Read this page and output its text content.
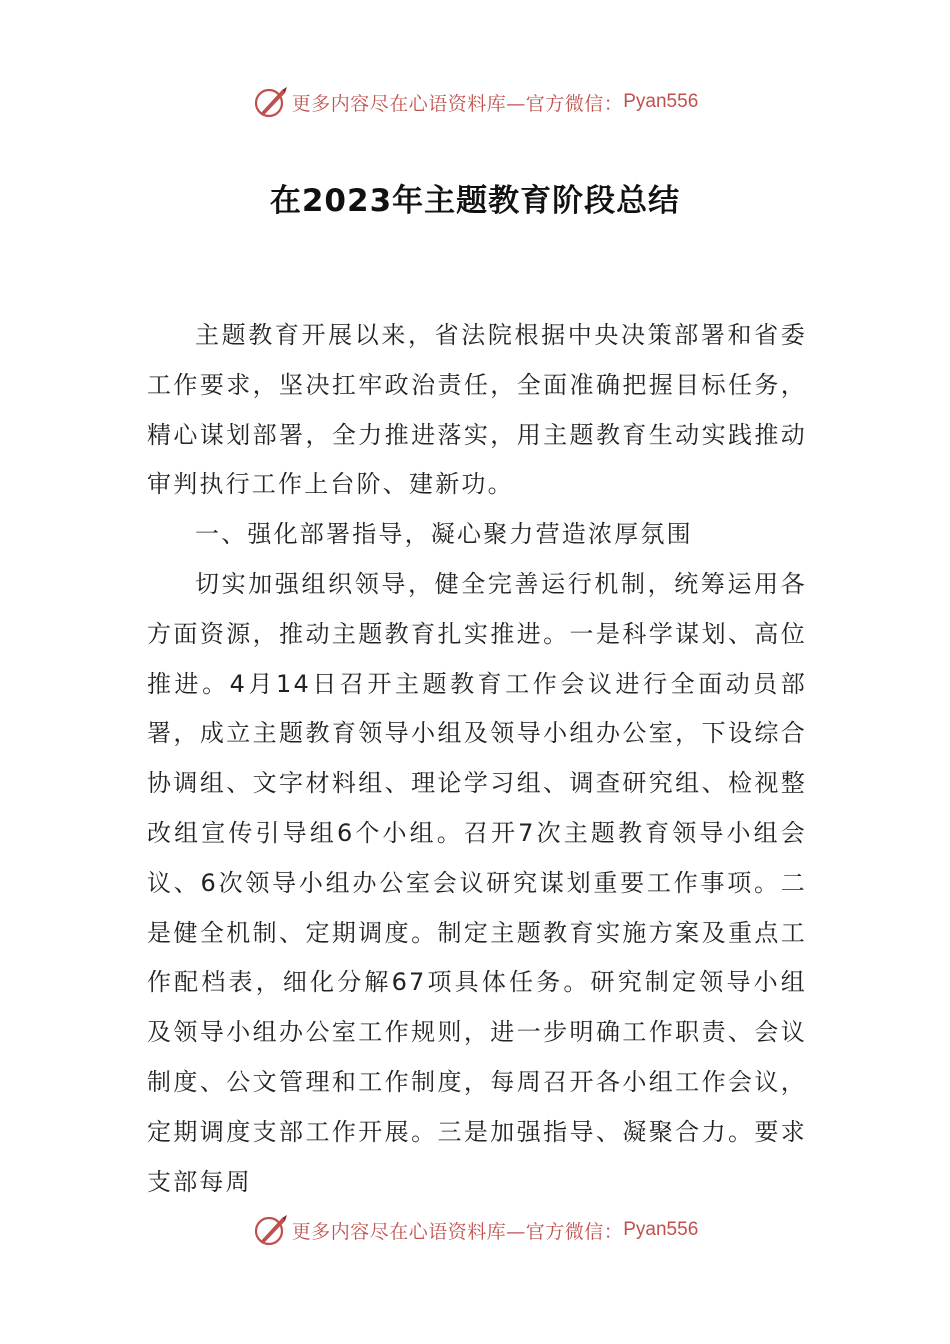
更多内容尽在心语资料库—官方微信： Pyan556
在2023年主题教育阶段总结

主题教育开展以来，省法院根据中央决策部署和省委工作要求，坚决扛牢政治责任，全面准确把握目标任务，精心谋划部署，全力推进落实，用主题教育生动实践推动审判执行工作上台阶、建新功。

一、强化部署指导，凝心聚力营造浓厚氛围

切实加强组织领导，健全完善运行机制，统筹运用各方面资源，推动主题教育扎实推进。一是科学谋划、高位推进。4月14日召开主题教育工作会议进行全面动员部署，成立主题教育领导小组及领导小组办公室，下设综合协调组、文字材料组、理论学习组、调查研究组、检视整改组宣传引导组6个小组。召开7次主题教育领导小组会议、6次领导小组办公室会议研究谋划重要工作事项。二是健全机制、定期调度。制定主题教育实施方案及重点工作配档表，细化分解67项具体任务。研究制定领导小组及领导小组办公室工作规则，进一步明确工作职责、会议制度、公文管理和工作制度，每周召开各小组工作会议，定期调度支部工作开展。三是加强指导、凝聚合力。要求支部每周

更多内容尽在心语资料库—官方微信： Pyan556
